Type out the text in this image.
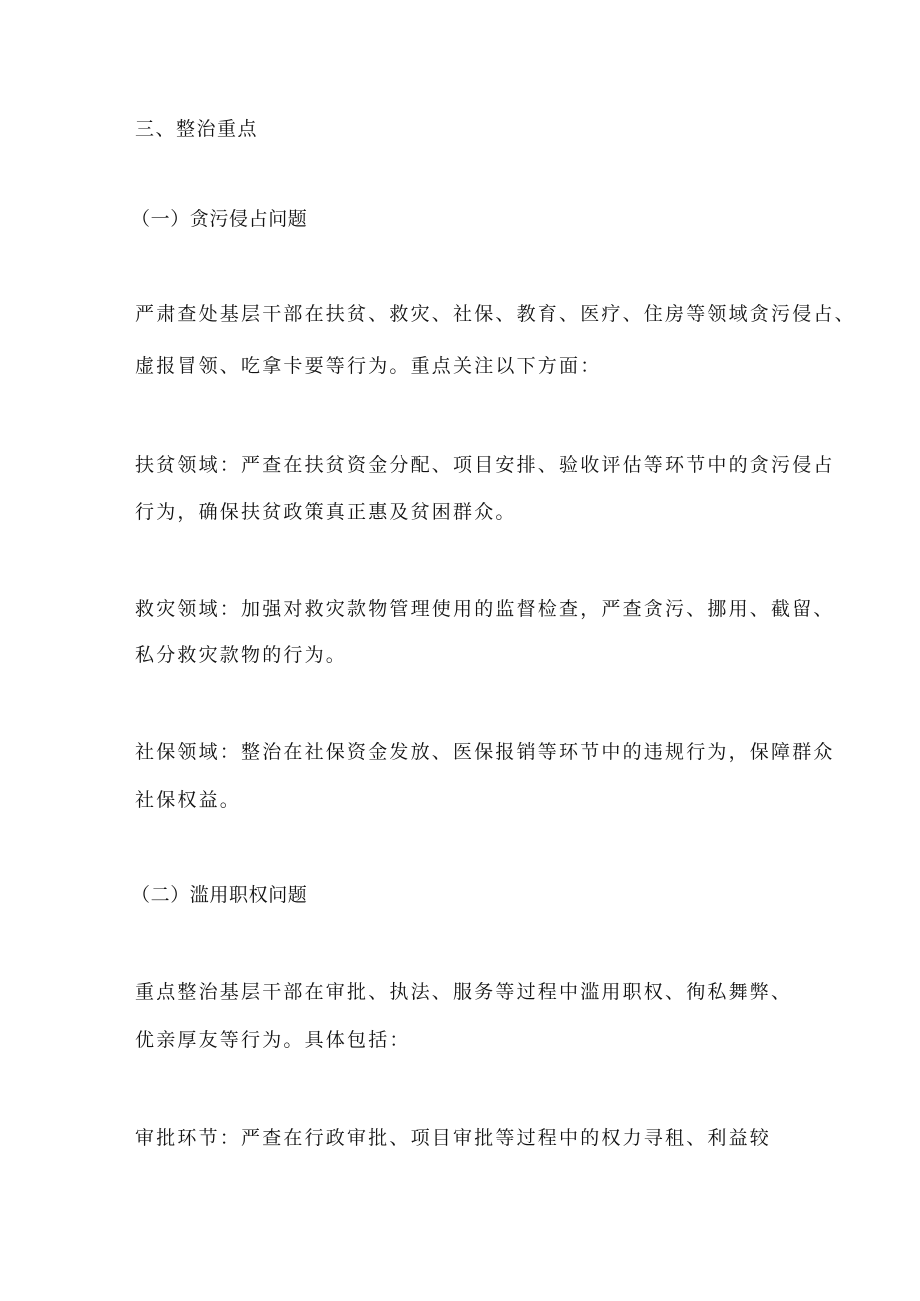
三、整治重点
（一）贪污侵占问题
严肃查处基层干部在扶贫、救灾、社保、教育、医疗、住房等领域贪污侵占、
虚报冒领、吃拿卡要等行为。重点关注以下方面：
扶贫领域：严查在扶贫资金分配、项目安排、验收评估等环节中的贪污侵占
行为，确保扶贫政策真正惠及贫困群众。
救灾领域：加强对救灾款物管理使用的监督检查，严查贪污、挪用、截留、
私分救灾款物的行为。
社保领域：整治在社保资金发放、医保报销等环节中的违规行为，保障群众
社保权益。
（二）滥用职权问题
重点整治基层干部在审批、执法、服务等过程中滥用职权、徇私舞弊、
优亲厚友等行为。具体包括：
审批环节：严查在行政审批、项目审批等过程中的权力寻租、利益较
